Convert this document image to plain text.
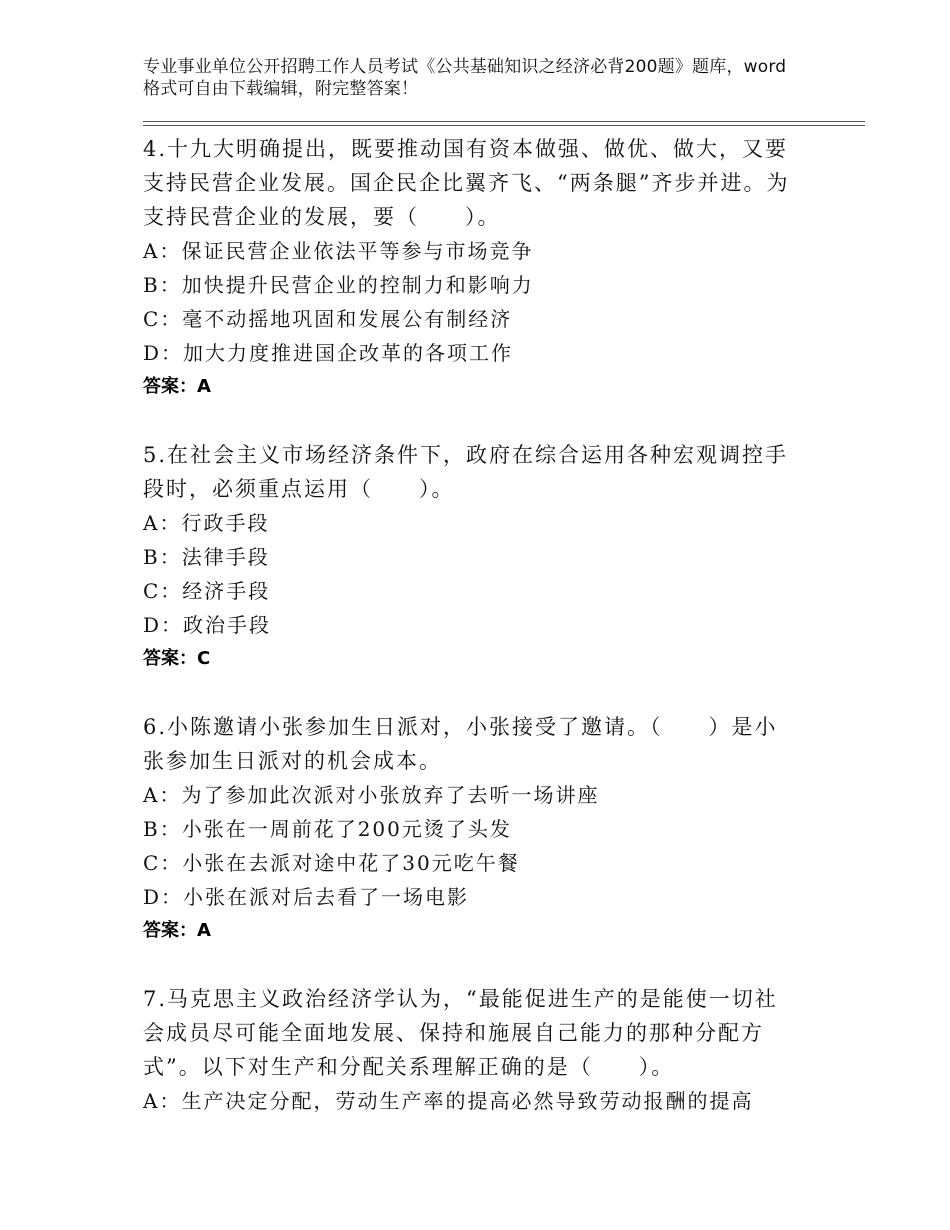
专业事业单位公开招聘工作人员考试《公共基础知识之经济必背200题》题库，word格式可自由下载编辑，附完整答案！
4.十九大明确提出，既要推动国有资本做强、做优、做大，又要支持民营企业发展。国企民企比翼齐飞、“两条腿”齐步并进。为支持民营企业的发展，要（　　）。
A：保证民营企业依法平等参与市场竞争
B：加快提升民营企业的控制力和影响力
C：毫不动摇地巩固和发展公有制经济
D：加大力度推进国企改革的各项工作
答案：A
5.在社会主义市场经济条件下，政府在综合运用各种宏观调控手段时，必须重点运用（　　）。
A：行政手段
B：法律手段
C：经济手段
D：政治手段
答案：C
6.小陈邀请小张参加生日派对，小张接受了邀请。（　　）是小张参加生日派对的机会成本。
A：为了参加此次派对小张放弃了去听一场讲座
B：小张在一周前花了200元烫了头发
C：小张在去派对途中花了30元吃午餐
D：小张在派对后去看了一场电影
答案：A
7.马克思主义政治经济学认为，“最能促进生产的是能使一切社会成员尽可能全面地发展、保持和施展自己能力的那种分配方式”。以下对生产和分配关系理解正确的是（　　）。
A：生产决定分配，劳动生产率的提高必然导致劳动报酬的提高
